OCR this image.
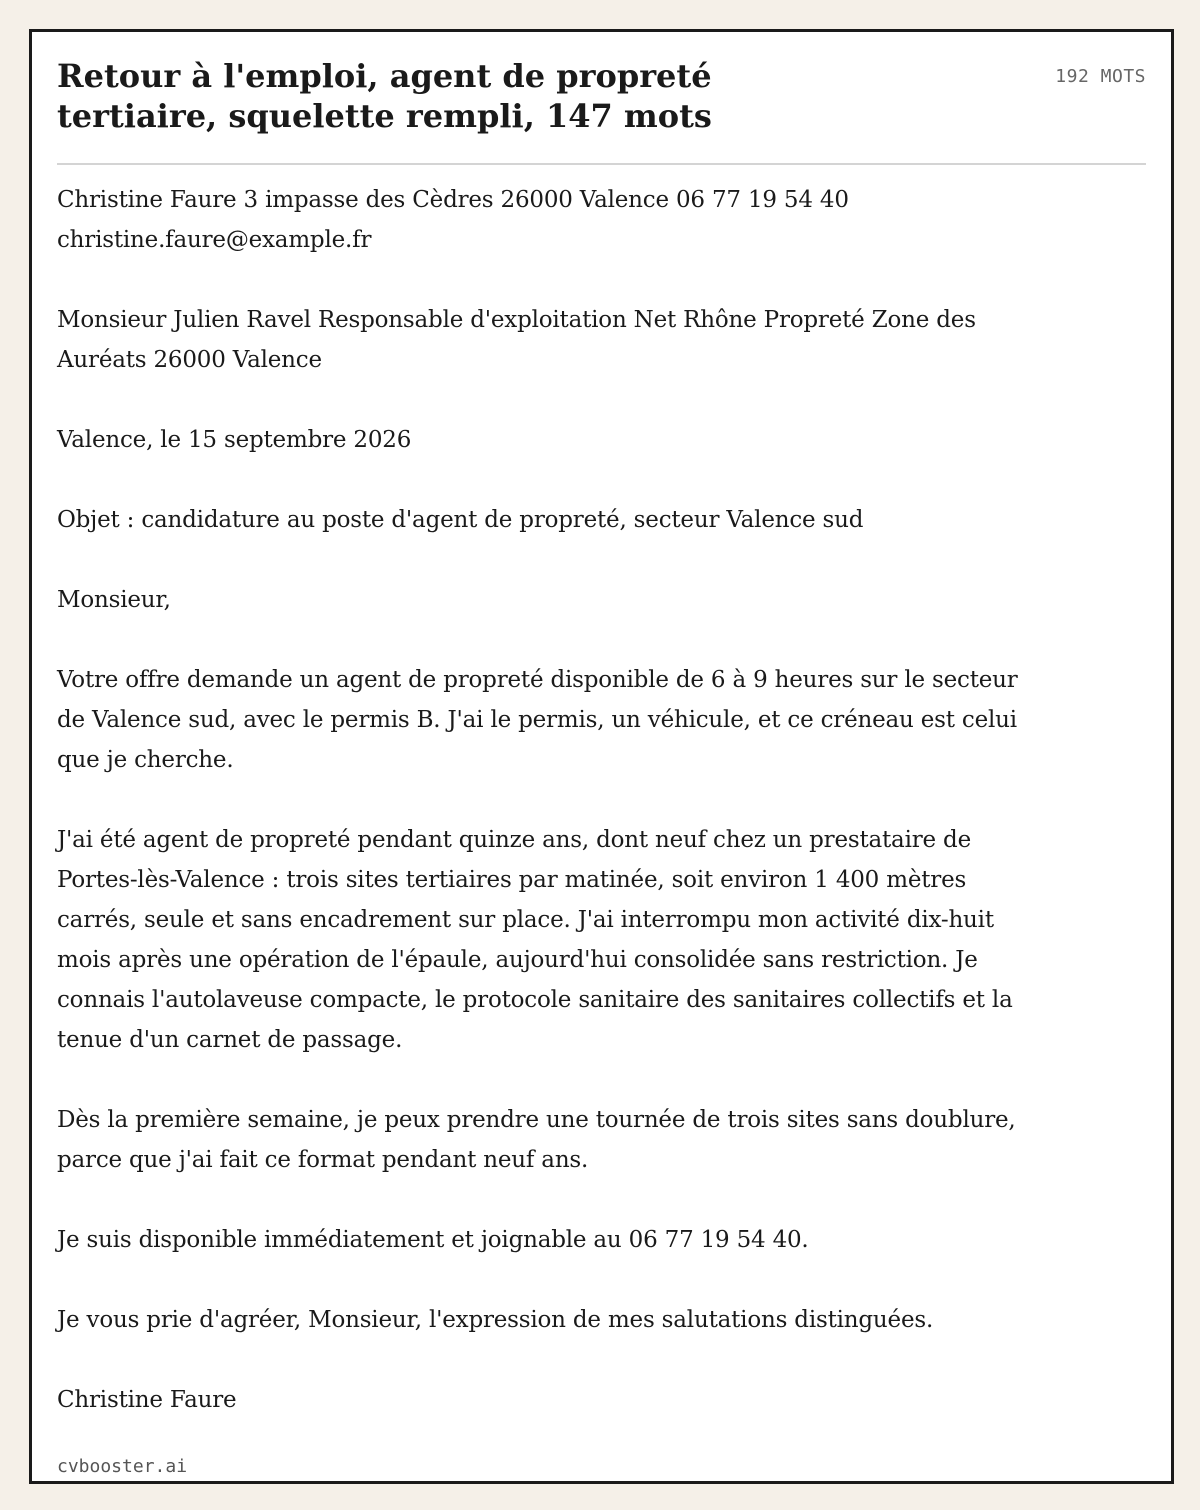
Retour à l'emploi, agent de propreté
tertiaire, squelette rempli, 147 mots
192 MOTS

Christine Faure 3 impasse des Cèdres 26000 Valence 06 77 19 54 40 christine.faure@example.fr

Monsieur Julien Ravel Responsable d'exploitation Net Rhône Propreté Zone des Auréats 26000 Valence

Valence, le 15 septembre 2026

Objet : candidature au poste d'agent de propreté, secteur Valence sud

Monsieur,

Votre offre demande un agent de propreté disponible de 6 à 9 heures sur le secteur de Valence sud, avec le permis B. J'ai le permis, un véhicule, et ce créneau est celui que je cherche.

J'ai été agent de propreté pendant quinze ans, dont neuf chez un prestataire de Portes-lès-Valence : trois sites tertiaires par matinée, soit environ 1 400 mètres carrés, seule et sans encadrement sur place. J'ai interrompu mon activité dix-huit mois après une opération de l'épaule, aujourd'hui consolidée sans restriction. Je connais l'autolaveuse compacte, le protocole sanitaire des sanitaires collectifs et la tenue d'un carnet de passage.

Dès la première semaine, je peux prendre une tournée de trois sites sans doublure, parce que j'ai fait ce format pendant neuf ans.

Je suis disponible immédiatement et joignable au 06 77 19 54 40.

Je vous prie d'agréer, Monsieur, l'expression de mes salutations distinguées.

Christine Faure

cvbooster.ai
